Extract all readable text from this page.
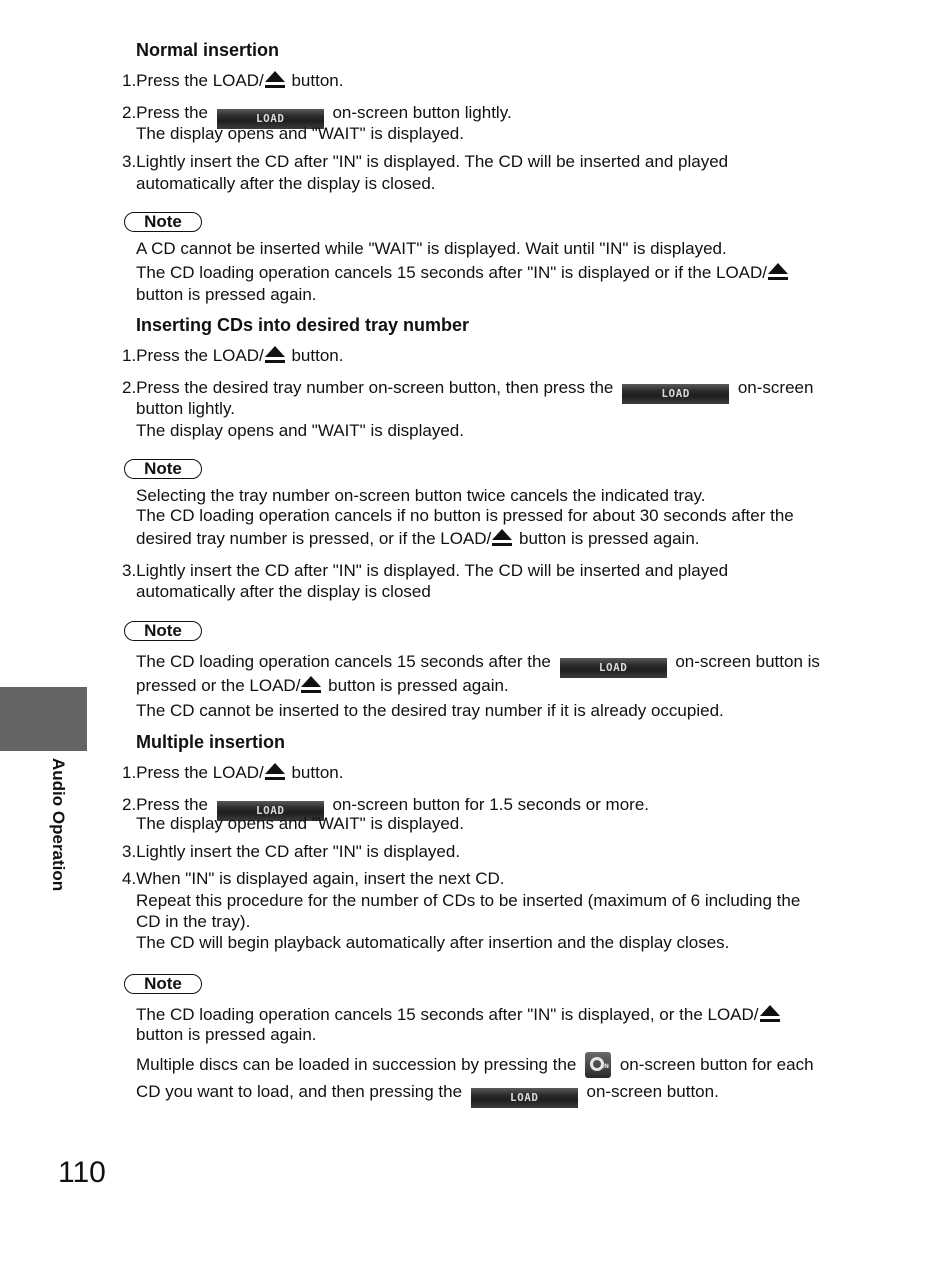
Normal insertion
1.Press the LOAD/
button.
2.Press the	LOAD	on-screen button lightly.
The display opens and "WAIT" is displayed.
3.Lightly insert the CD after "IN" is displayed. The CD will be inserted and played
automatically after the display is closed.
Note
A CD cannot be inserted while "WAIT" is displayed. Wait until "IN" is displayed.
The CD loading operation cancels 15 seconds after "IN" is displayed or if the LOAD/
button is pressed again.
Inserting CDs into desired tray number
1.Press the LOAD/
button.
2.Press the desired tray number on-screen button, then press the	LOAD	on-screen
button lightly.
The display opens and "WAIT" is displayed.
Note
Selecting the tray number on-screen button twice cancels the indicated tray.
The CD loading operation cancels if no button is pressed for about 30 seconds after the
desired tray number is pressed, or if the LOAD/
button is pressed again.
3.Lightly insert the CD after "IN" is displayed. The CD will be inserted and played
automatically after the display is closed
Note
The CD loading operation cancels 15 seconds after the	LOAD	on-screen button is
pressed or the LOAD/
button is pressed again.
The CD cannot be inserted to the desired tray number if it is already occupied.
Multiple insertion
1.Press the LOAD/
button.
2.Press the	LOAD	on-screen button for 1.5 seconds or more.
The display opens and "WAIT" is displayed.
3.Lightly insert the CD after "IN" is displayed.
4.When "IN" is displayed again, insert the next CD.
Repeat this procedure for the number of CDs to be inserted (maximum of 6 including the
CD in the tray).
The CD will begin playback automatically after insertion and the display closes.
Note
The CD loading operation cancels 15 seconds after "IN" is displayed, or the LOAD/
button is pressed again.
Multiple discs can be loaded in succession by pressing the	IN on-screen button for each
CD you want to load, and then pressing the	LOAD	on-screen button.
Audio Operation
110
